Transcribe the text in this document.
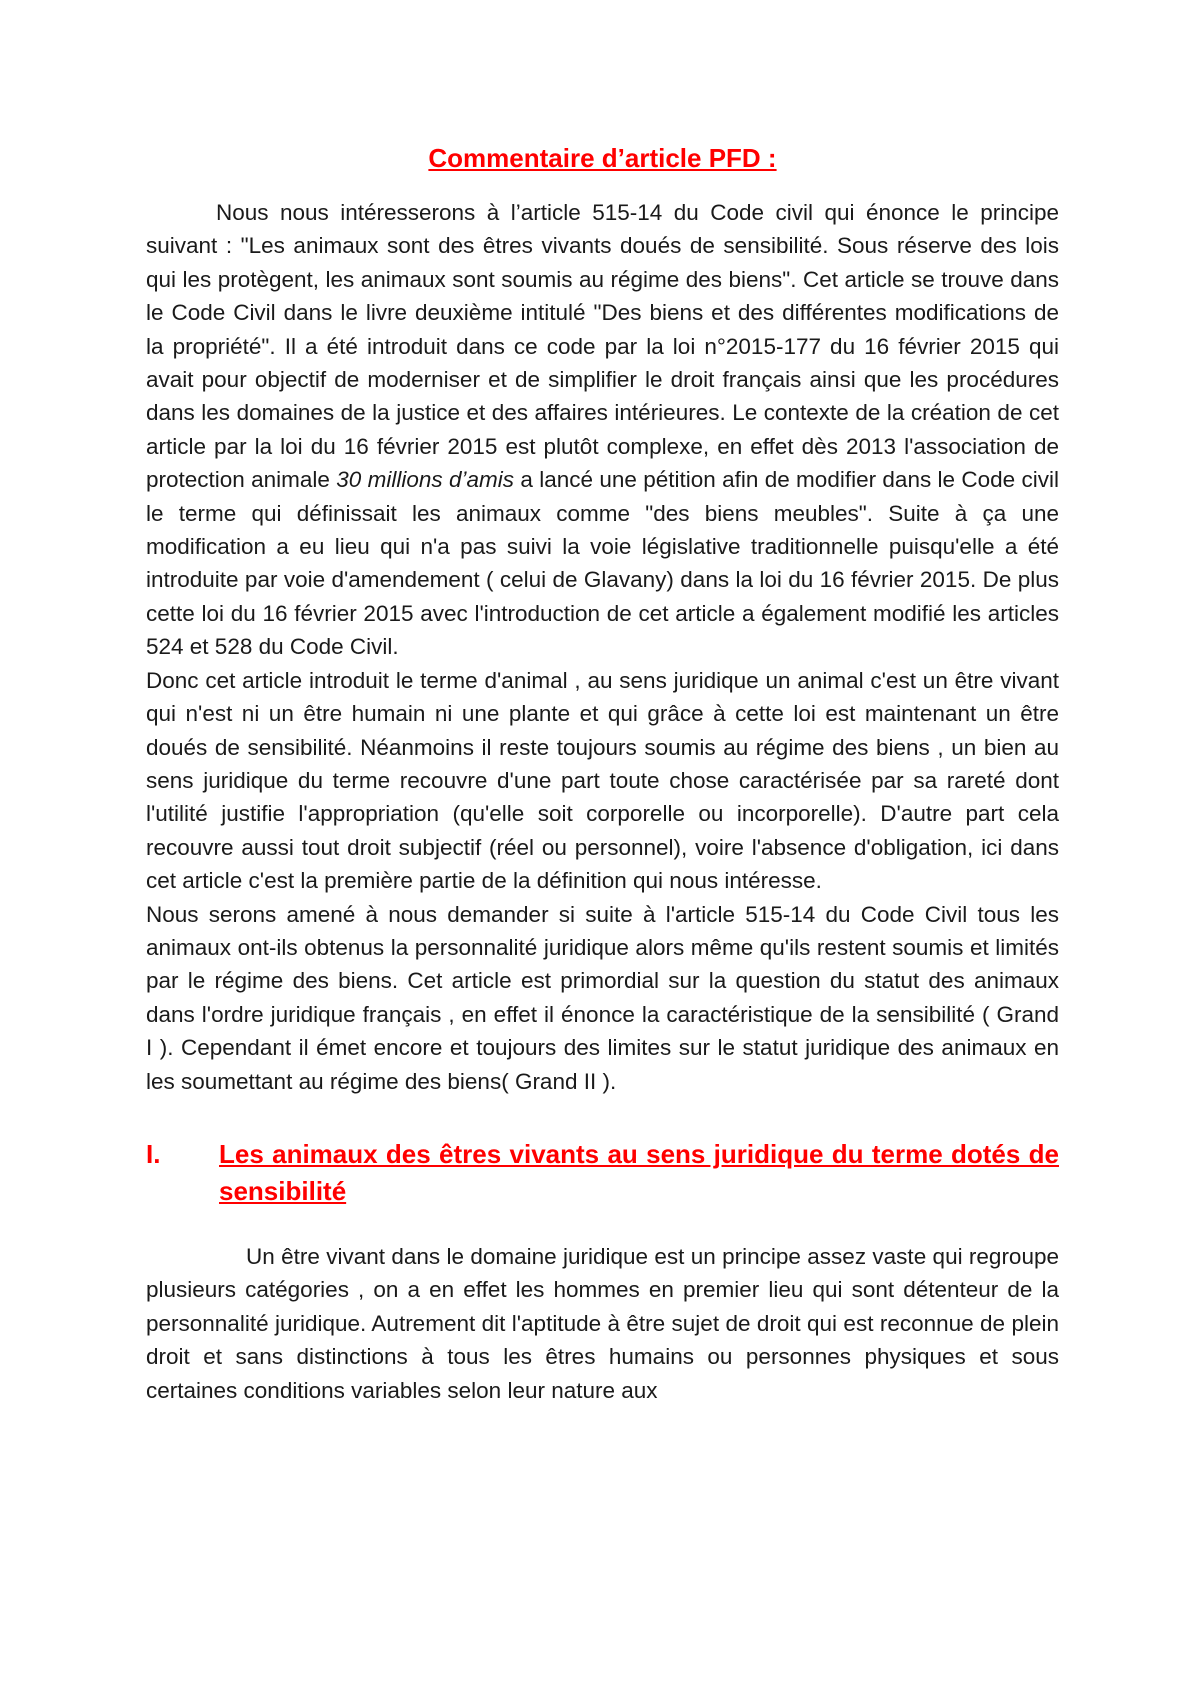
Commentaire d’article PFD :

Nous nous intéresserons à l’article 515-14 du Code civil qui énonce le principe suivant : "Les animaux sont des êtres vivants doués de sensibilité. Sous réserve des lois qui les protègent, les animaux sont soumis au régime des biens". Cet article se trouve dans le Code Civil dans le livre deuxième intitulé "Des biens et des différentes modifications de la propriété". Il a été introduit dans ce code par la loi n°2015-177 du 16 février 2015 qui avait pour objectif de moderniser et de simplifier le droit français ainsi que les procédures dans les domaines de la justice et des affaires intérieures. Le contexte de la création de cet article par la loi du 16 février 2015 est plutôt complexe, en effet dès 2013 l'association de protection animale 30 millions d’amis a lancé une pétition afin de modifier dans le Code civil le terme qui définissait les animaux comme "des biens meubles". Suite à ça une modification a eu lieu qui n'a pas suivi la voie législative traditionnelle puisqu'elle a été introduite par voie d'amendement ( celui de Glavany) dans la loi du 16 février 2015. De plus cette loi du 16 février 2015 avec l'introduction de cet article a également modifié les articles 524 et 528 du Code Civil.

Donc cet article introduit le terme d'animal , au sens juridique un animal c'est un être vivant qui n'est ni un être humain ni une plante et qui grâce à cette loi est maintenant un être doués de sensibilité. Néanmoins il reste toujours soumis au régime des biens , un bien au sens juridique du terme recouvre d'une part toute chose caractérisée par sa rareté dont l'utilité justifie l'appropriation (qu'elle soit corporelle ou incorporelle). D'autre part cela recouvre aussi tout droit subjectif (réel ou personnel), voire l'absence d'obligation, ici dans cet article c'est la première partie de la définition qui nous intéresse.

Nous serons amené à nous demander si suite à l'article 515-14 du Code Civil tous les animaux ont-ils obtenus la personnalité juridique alors même qu'ils restent soumis et limités par le régime des biens. Cet article est primordial sur la question du statut des animaux dans l'ordre juridique français , en effet il énonce la caractéristique de la sensibilité ( Grand I ). Cependant il émet encore et toujours des limites sur le statut juridique des animaux en les soumettant au régime des biens( Grand II ).

I.	Les animaux des êtres vivants au sens juridique du terme dotés de sensibilité

Un être vivant dans le domaine juridique est un principe assez vaste qui regroupe plusieurs catégories , on a en effet les hommes en premier lieu qui sont détenteur de la personnalité juridique. Autrement dit l'aptitude à être sujet de droit qui est reconnue de plein droit et sans distinctions à tous les êtres humains ou personnes physiques et sous certaines conditions variables selon leur nature aux
